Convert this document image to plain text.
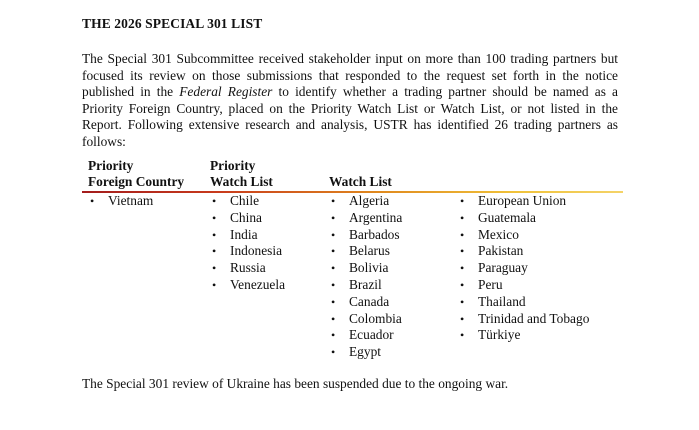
THE 2026 SPECIAL 301 LIST

The Special 301 Subcommittee received stakeholder input on more than 100 trading partners but focused its review on those submissions that responded to the request set forth in the notice published in the Federal Register to identify whether a trading partner should be named as a Priority Foreign Country, placed on the Priority Watch List or Watch List, or not listed in the Report. Following extensive research and analysis, USTR has identified 26 trading partners as follows:

Priority
Foreign Country
Priority
Watch List	Watch List
• Vietnam	• Chile
• China
• India
• Indonesia
• Russia
• Venezuela
• Algeria
• Argentina
• Barbados
• Belarus
• Bolivia
• Brazil
• Canada
• Colombia
• Ecuador
• Egypt
• European Union
• Guatemala
• Mexico
• Pakistan
• Paraguay
• Peru
• Thailand
• Trinidad and Tobago
• Türkiye

The Special 301 review of Ukraine has been suspended due to the ongoing war.
